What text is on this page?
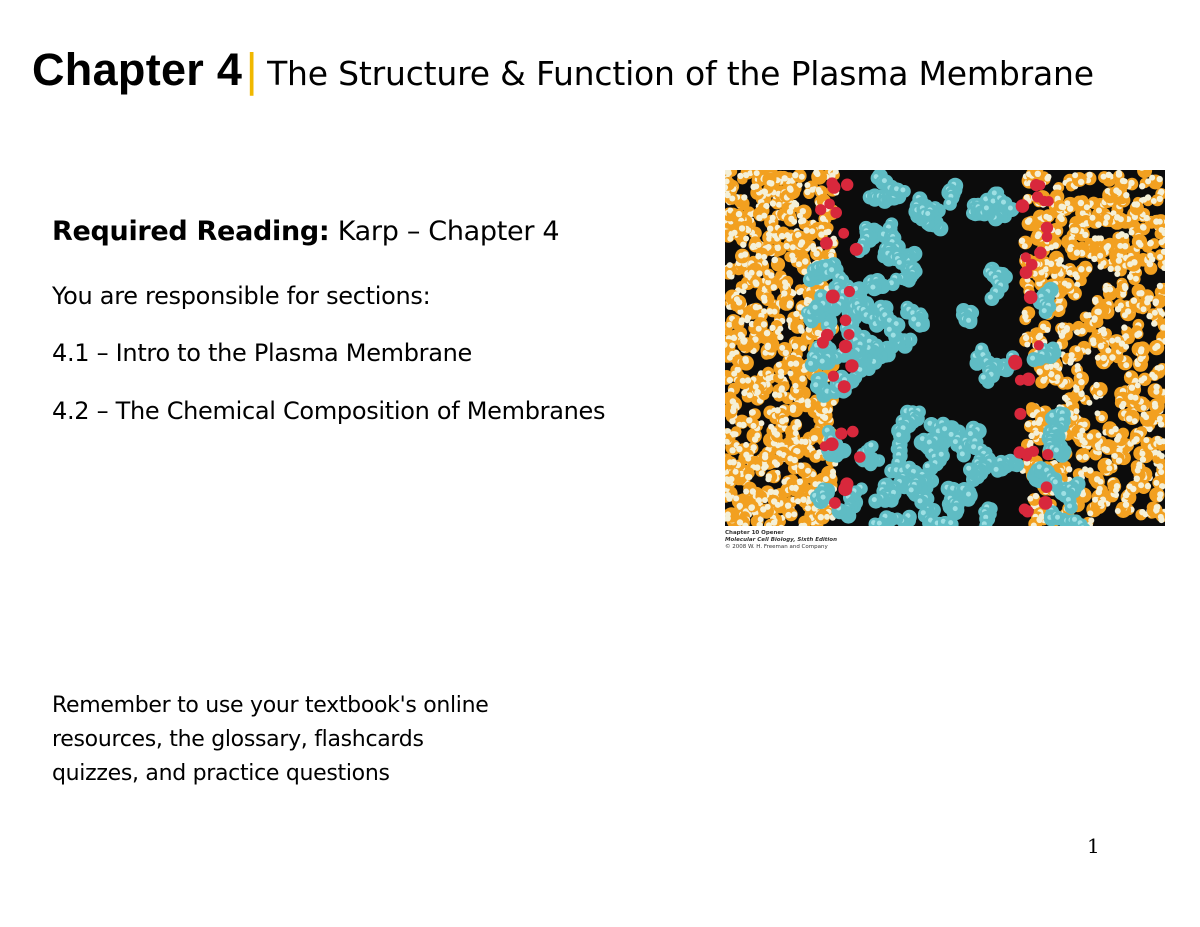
Chapter 4 | The Structure & Function of the Plasma Membrane
Required Reading: Karp – Chapter 4
You are responsible for sections:
4.1 – Intro to the Plasma Membrane
4.2 – The Chemical Composition of Membranes
Remember to use your textbook's online
resources, the glossary, flashcards
quizzes, and practice questions
Chapter 10 Opener
Molecular Cell Biology, Sixth Edition
© 2008 W. H. Freeman and Company
1
